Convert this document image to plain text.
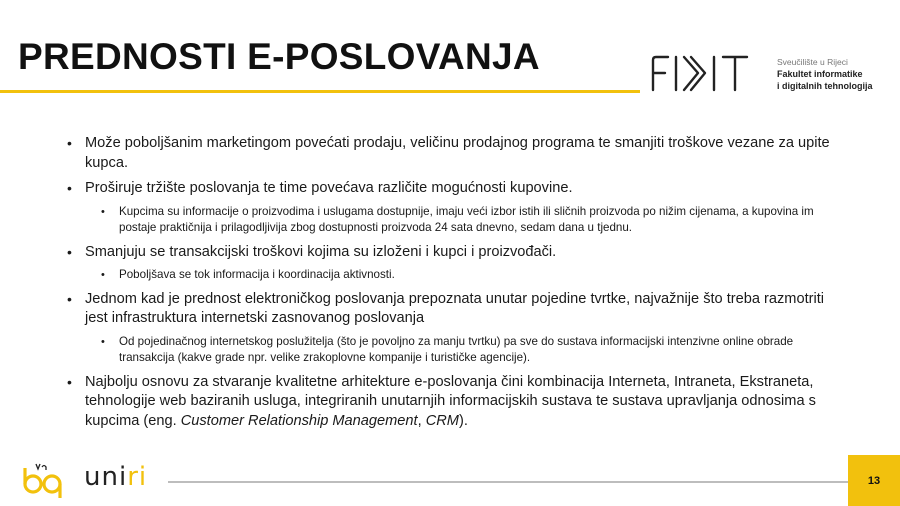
PREDNOSTI E-POSLOVANJA	Sveučilište u Rijeci
Fakultet informatike
i digitalnih tehnologija
• Može poboljšanim marketingom povećati prodaju, veličinu prodajnog programa te smanjiti troškove vezane za upite kupca.
• Proširuje tržište poslovanja te time povećava različite mogućnosti kupovine.
• Kupcima su informacije o proizvodima i uslugama dostupnije, imaju veći izbor istih ili sličnih proizvoda po nižim cijenama, a kupovina im postaje praktičnija i prilagodljivija zbog dostupnosti proizvoda 24 sata dnevno, sedam dana u tjednu.
• Smanjuju se transakcijski troškovi kojima su izloženi i kupci i proizvođači.
• Poboljšava se tok informacija i koordinacija aktivnosti.
• Jednom kad je prednost elektroničkog poslovanja prepoznata unutar pojedine tvrtke, najvažnije što treba razmotriti jest infrastruktura internetski zasnovanog poslovanja
• Od pojedinačnog internetskog poslužitelja (što je povoljno za manju tvrtku) pa sve do sustava informacijski intenzivne online obrade transakcija (kakve grade npr. velike zrakoplovne kompanije i turističke agencije).
• Najbolju osnovu za stvaranje kvalitetne arhitekture e-poslovanja čini kombinacija Interneta, Intraneta, Ekstraneta, tehnologije web baziranih usluga, integriranih unutarnjih informacijskih sustava te sustava upravljanja odnosima s kupcima (eng. Customer Relationship Management, CRM).
uniri	13
